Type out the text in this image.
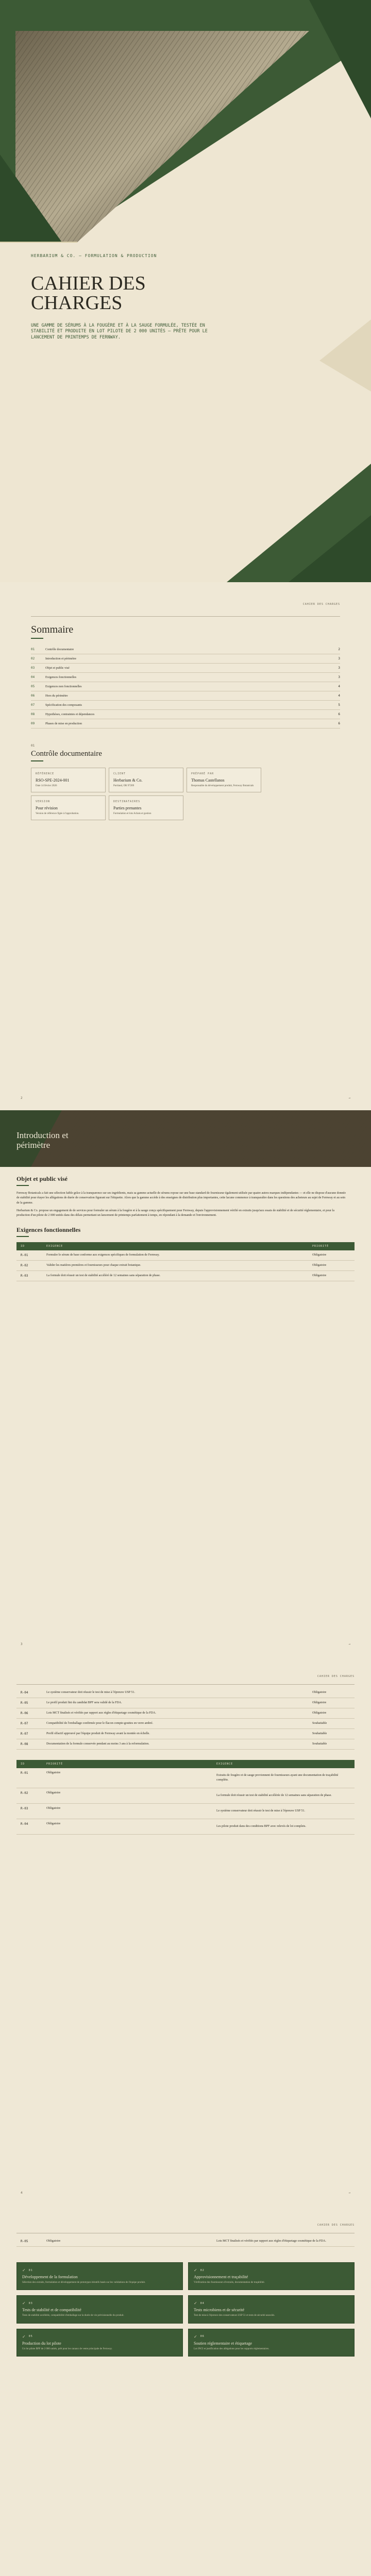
HERBARIUM & CO. — FORMULATION & PRODUCTION
CAHIER DES CHARGES
UNE GAMME DE SÉRUMS À LA FOUGÈRE ET À LA SAUGE FORMULÉE, TESTÉE EN STABILITÉ ET PRODUITE EN LOT PILOTE DE 2 000 UNITÉS — PRÊTE POUR LE LANCEMENT DE PRINTEMPS DE FERNWAY.
CAHIER DES CHARGES
Sommaire
01	Contrôle documentaire	2
02	Introduction et périmètre	3
03	Objet et public visé	3
04	Exigences fonctionnelles	3
05	Exigences non fonctionnelles	4
06	Hors du périmètre	4
07	Spécification des composants	5
08	Hypothèses, contraintes et dépendances	6
09	Phases de mise en production	6
01
Contrôle documentaire
RÉFÉRENCE
RSO-SPE-2024-001
Date 14 février 2026
CLIENT
Herbarium & Co.
Portland, OR 97209
PRÉPARÉ PAR
Thomas Castellanos
Responsable du développement produit, Fernway Botanicals
VERSION
Pour révision
Version de référence figée à l'approbation.
DESTINATAIRES
Parties prenantes
Formulation et lots Achats et gestion
2	→
Introduction et périmètre
Objet et public visé

Fernway Botanicals a fait une sélection faible grâce à la transparence sur ses ingrédients, mais sa gamme actuelle de sérums repose sur une base standard de fournisseur également utilisée par quatre autres marques indépendantes — et elle ne dispose d'aucune donnée de stabilité pour étayer les allégations de durée de conservation figurant sur l'étiquette. Alors que la gamme accède à des enseignes de distribution plus importantes, cette lacune commence à transparaître dans les questions des acheteurs au sujet de Fernway et au sein de la gamme.

Herbarium & Co. propose un engagement de de services pour formuler un sérum à la fougère et à la sauge conçu spécifiquement pour Fernway, depuis l'approvisionnement vérifié en extraits jusqu'aux essais de stabilité et de sécurité réglementaire, et pour la production d'un pilote de 2 000 unités dans des délais permettant un lancement de printemps parfaitement à temps, en répondant à la demande et l'environnement.

Exigences fonctionnelles
ID	EXIGENCE	PRIORITÉ
R-01	Formuler le sérum de base conforme aux exigences spécifiques de formulation de Fernway.	Obligatoire
R-02	Valider les matières premières et fournisseurs pour chaque extrait botanique.	Obligatoire
R-03	La formule doit réussir un test de stabilité accéléré de 12 semaines sans séparation de phase.	Obligatoire
3	→
CAHIER DES CHARGES
R-04	Le système conservateur doit réussir le test de mise à l'épreuve USP 51.	Obligatoire
R-05	Le profil produit fini du candidat BPF sera validé de la FDA.	Obligatoire
R-06	Lots MCT finalisés et vérifiés par rapport aux règles d'étiquetage cosmétique de la FDA.	Obligatoire
R-07	Compatibilité de l'emballage confirmée pour le flacon compte-gouttes en verre ambré.	Souhaitable
R-07	Profil olfactif approuvé par l'équipe produit de Fernway avant la montée en échelle.	Souhaitable
R-08	Documentation de la formule conservée pendant au moins 3 ans à la reformulation.	Souhaitable
ID	PRIORITÉ	EXIGENCE
R-01	Obligatoire	Extraits de fougère et de sauge proviennent de fournisseurs ayant une documentation de traçabilité complète.
R-02	Obligatoire	La formule doit réussir un test de stabilité accélérée de 12 semaines sans séparation de phase.
R-03	Obligatoire	Le système conservateur doit réussir le test de mise à l'épreuve USP 51.
R-04	Obligatoire	Les pilote produit dans des conditions BPF avec relevés de lot complets.
4	→
CAHIER DES CHARGES
R-05	Obligatoire	Lots MCT finalisés et vérifiés par rapport aux règles d'étiquetage cosmétique de la FDA.
✓ 01
Développement de la formulation
Sélection des extraits, formulation et développement de prototypes itératifs basés sur les validations de l'équipe produit.
✓ 02
Approvisionnement et traçabilité
Vérification des fournisseurs d'extraits, documentation de traçabilité.
✓ 03
Tests de stabilité et de compatibilité
Tests de stabilité accélérée, compatibilité d'emballage sur la durée de vie prévisionnelle du produit.
✓ 04
Tests microbiens et de sécurité
Test de mise à l'épreuve des conservateurs USP 51 et tests de sécurité associés.
✓ 05
Production du lot pilote
Un lot pilote BPF de 2 000 unités, prêt pour les canaux de vente principale de Fernway.
✓ 06
Soutien réglementaire et étiquetage
Lot INCI et justification des allégations pour les supports réglementaires.
